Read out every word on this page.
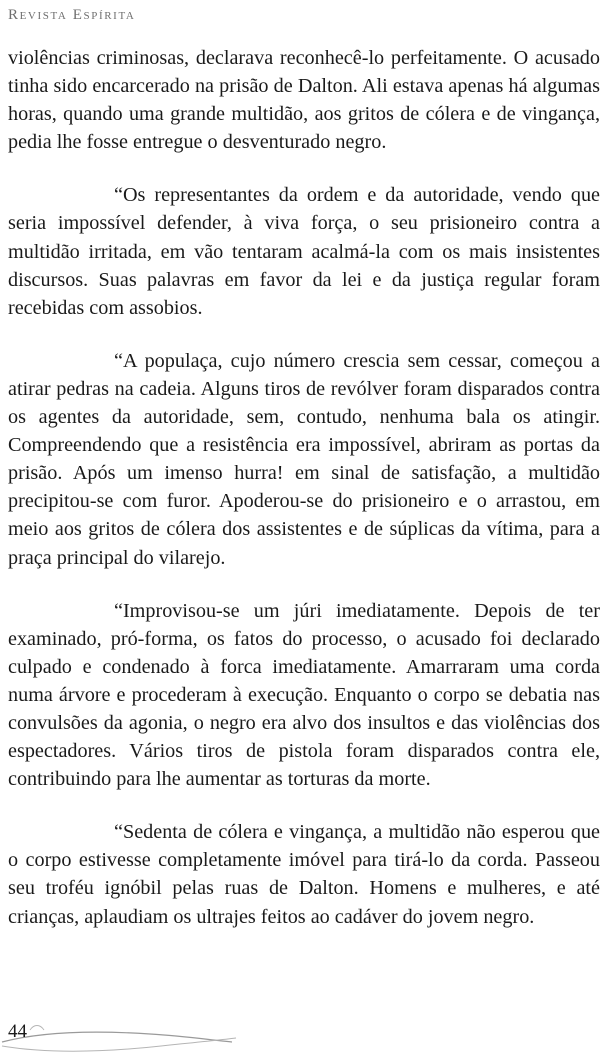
Revista Espírita

violências criminosas, declarava reconhecê-lo perfeitamente. O acusado tinha sido encarcerado na prisão de Dalton. Ali estava apenas há algumas horas, quando uma grande multidão, aos gritos de cólera e de vingança, pedia lhe fosse entregue o desventurado negro.

“Os representantes da ordem e da autoridade, vendo que seria impossível defender, à viva força, o seu prisioneiro contra a multidão irritada, em vão tentaram acalmá-la com os mais insistentes discursos. Suas palavras em favor da lei e da justiça regular foram recebidas com assobios.

“A populaça, cujo número crescia sem cessar, começou a atirar pedras na cadeia. Alguns tiros de revólver foram disparados contra os agentes da autoridade, sem, contudo, nenhuma bala os atingir. Compreendendo que a resistência era impossível, abriram as portas da prisão. Após um imenso hurra! em sinal de satisfação, a multidão precipitou-se com furor. Apoderou-se do prisioneiro e o arrastou, em meio aos gritos de cólera dos assistentes e de súplicas da vítima, para a praça principal do vilarejo.

“Improvisou-se um júri imediatamente. Depois de ter examinado, pró-forma, os fatos do processo, o acusado foi declarado culpado e condenado à forca imediatamente. Amarraram uma corda numa árvore e procederam à execução. Enquanto o corpo se debatia nas convulsões da agonia, o negro era alvo dos insultos e das violências dos espectadores. Vários tiros de pistola foram disparados contra ele, contribuindo para lhe aumentar as torturas da morte.

“Sedenta de cólera e vingança, a multidão não esperou que o corpo estivesse completamente imóvel para tirá-lo da corda. Passeou seu troféu ignóbil pelas ruas de Dalton. Homens e mulheres, e até crianças, aplaudiam os ultrajes feitos ao cadáver do jovem negro.

44
